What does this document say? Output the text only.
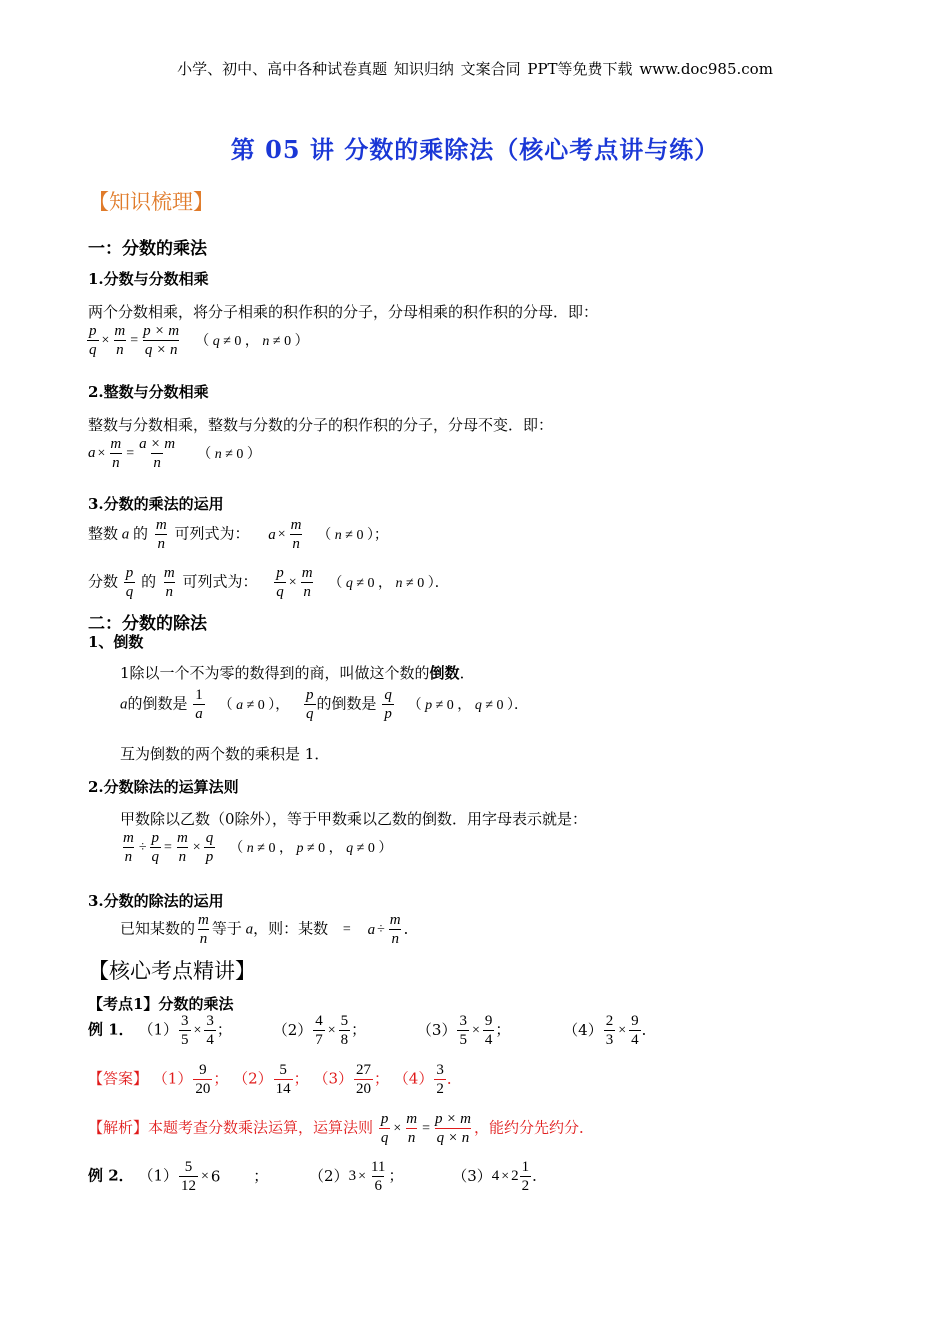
小学、初中、高中各种试卷真题 知识归纳 文案合同 PPT等免费下载 www.doc985.com
第 05 讲 分数的乘除法（核心考点讲与练）
【知识梳理】
一：分数的乘法
1.分数与分数相乘
两个分数相乘，将分子相乘的积作积的分子，分母相乘的积作积的分母．即：
$\frac{p}{q} \times \frac{m}{n} = \frac{p \times m}{q \times n}$ （ q ≠ 0 ， n ≠ 0 ）
2.整数与分数相乘
整数与分数相乘，整数与分数的分子的积作积的分子，分母不变．即：
$a \times \frac{m}{n} = \frac{a \times m}{n}$ （ n ≠ 0 ）
3.分数的乘法的运用
整数 a 的 $\frac{m}{n}$ 可列式为： $a \times \frac{m}{n}$ （ n ≠ 0 ）；
分数 $\frac{p}{q}$ 的 $\frac{m}{n}$ 可列式为： $\frac{p}{q} \times \frac{m}{n}$ （ q ≠ 0 ， n ≠ 0 ）．
二：分数的除法
1、倒数
1除以一个不为零的数得到的商，叫做这个数的倒数．
a的倒数是 $\frac{1}{a}$ （ a ≠ 0 ）， $\frac{p}{q}$ 的倒数是 $\frac{q}{p}$ （ p ≠ 0 ， q ≠ 0 ）．
互为倒数的两个数的乘积是 1．
2.分数除法的运算法则
甲数除以乙数（0除外），等于甲数乘以乙数的倒数．用字母表示就是：
$\frac{m}{n} \div \frac{p}{q} = \frac{m}{n} \times \frac{q}{p}$ （ n ≠ 0 ， p ≠ 0 ， q ≠ 0 ）
3.分数的除法的运用
已知某数的 $\frac{m}{n}$ 等于 a，则：某数 = $a \div \frac{m}{n}$ ．
【核心考点精讲】
【考点1】分数的乘法
例 1． $(1) \frac{3}{5} \times \frac{3}{4}$ ； $(2) \frac{4}{7} \times \frac{5}{8}$ ；	$(3) \frac{3}{5} \times \frac{9}{4}$ ；	$(4) \frac{2}{3} \times \frac{9}{4}$ ．
【答案】 $(1) \frac{9}{20}$ ； $(2) \frac{5}{14}$ ； $(3) \frac{27}{20}$ ； $(4) \frac{3}{2}$ ．
【解析】本题考查分数乘法运算，运算法则 $\frac{p}{q} \times \frac{m}{n} = \frac{p \times m}{q \times n}$ ，能约分先约分．
例 2． $(1) \frac{5}{12} \times 6$ ；	$(2)3 \times \frac{11}{6}$ ；	$(3)4 \times 2 \frac{1}{2}$ ．
